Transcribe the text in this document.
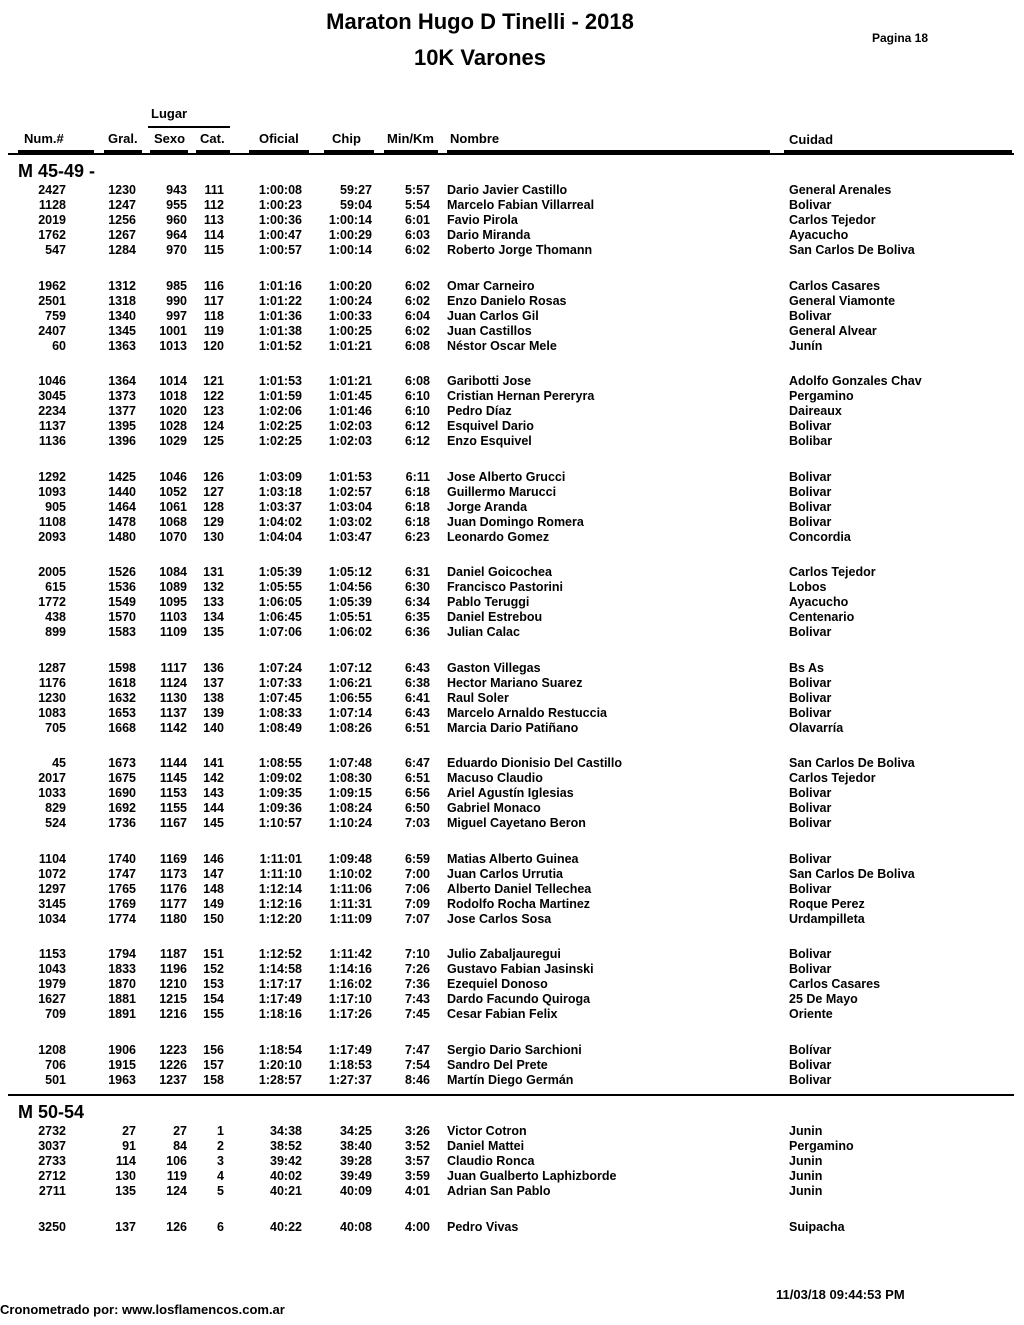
Maraton Hugo D Tinelli - 2018
10K Varones
Pagina 18
Lugar
Num.#	Gral. Sexo Cat.	Oficial	Chip Min/Km Nombre	Cuidad
M 45-49 -
2427	1230 943 111	1:00:08	59:27	5:57 Dario Javier Castillo	General Arenales
1128	1247 955 112	1:00:23	59:04	5:54 Marcelo Fabian Villarreal	Bolivar
2019	1256 960 113	1:00:36 1:00:14	6:01 Favio Pirola	Carlos Tejedor
1762	1267 964 114	1:00:47 1:00:29	6:03 Dario Miranda	Ayacucho
547	1284 970 115	1:00:57 1:00:14	6:02 Roberto Jorge Thomann	San Carlos De Boliva
1962	1312 985 116	1:01:16 1:00:20	6:02 Omar Carneiro	Carlos Casares
2501	1318 990 117	1:01:22 1:00:24	6:02 Enzo Danielo Rosas	General Viamonte
759	1340 997 118	1:01:36 1:00:33	6:04 Juan Carlos Gil	Bolivar
2407	1345 1001 119	1:01:38 1:00:25	6:02 Juan Castillos	General Alvear
60	1363 1013 120	1:01:52 1:01:21	6:08 Néstor Oscar Mele	Junín
1046	1364 1014 121	1:01:53 1:01:21	6:08 Garibotti Jose	Adolfo Gonzales Chav
3045	1373 1018 122	1:01:59 1:01:45	6:10 Cristian Hernan Pereryra	Pergamino
2234	1377 1020 123	1:02:06 1:01:46	6:10 Pedro Díaz	Daireaux
1137	1395 1028 124	1:02:25 1:02:03	6:12 Esquivel Dario	Bolivar
1136	1396 1029 125	1:02:25 1:02:03	6:12 Enzo Esquivel	Bolibar
1292	1425 1046 126	1:03:09 1:01:53	6:11 Jose Alberto Grucci	Bolivar
1093	1440 1052 127	1:03:18 1:02:57	6:18 Guillermo Marucci	Bolivar
905	1464 1061 128	1:03:37 1:03:04	6:18 Jorge Aranda	Bolivar
1108	1478 1068 129	1:04:02 1:03:02	6:18 Juan Domingo Romera	Bolivar
2093	1480 1070 130	1:04:04 1:03:47	6:23 Leonardo Gomez	Concordia
2005	1526 1084 131	1:05:39 1:05:12	6:31 Daniel Goicochea	Carlos Tejedor
615	1536 1089 132	1:05:55 1:04:56	6:30 Francisco Pastorini	Lobos
1772	1549 1095 133	1:06:05 1:05:39	6:34 Pablo Teruggi	Ayacucho
438	1570 1103 134	1:06:45 1:05:51	6:35 Daniel Estrebou	Centenario
899	1583 1109 135	1:07:06 1:06:02	6:36 Julian Calac	Bolivar
1287	1598 1117 136	1:07:24 1:07:12	6:43 Gaston Villegas	Bs As
1176	1618 1124 137	1:07:33 1:06:21	6:38 Hector Mariano Suarez	Bolivar
1230	1632 1130 138	1:07:45 1:06:55	6:41 Raul Soler	Bolivar
1083	1653 1137 139	1:08:33 1:07:14	6:43 Marcelo Arnaldo Restuccia	Bolivar
705	1668 1142 140	1:08:49 1:08:26	6:51 Marcia Dario Patiñano	Olavarría
45	1673 1144 141	1:08:55 1:07:48	6:47 Eduardo Dionisio Del Castillo	San Carlos De Boliva
2017	1675 1145 142	1:09:02 1:08:30	6:51 Macuso Claudio	Carlos Tejedor
1033	1690 1153 143	1:09:35 1:09:15	6:56 Ariel Agustín Iglesias	Bolivar
829	1692 1155 144	1:09:36 1:08:24	6:50 Gabriel Monaco	Bolivar
524	1736 1167 145	1:10:57 1:10:24	7:03 Miguel Cayetano Beron	Bolivar
1104	1740 1169 146	1:11:01 1:09:48	6:59 Matias Alberto Guinea	Bolivar
1072	1747 1173 147	1:11:10 1:10:02	7:00 Juan Carlos Urrutia	San Carlos De Boliva
1297	1765 1176 148	1:12:14 1:11:06	7:06 Alberto Daniel Tellechea	Bolivar
3145	1769 1177 149	1:12:16 1:11:31	7:09 Rodolfo Rocha Martinez	Roque Perez
1034	1774 1180 150	1:12:20 1:11:09	7:07 Jose Carlos Sosa	Urdampilleta
1153	1794 1187 151	1:12:52 1:11:42	7:10 Julio Zabaljauregui	Bolivar
1043	1833 1196 152	1:14:58 1:14:16	7:26 Gustavo Fabian Jasinski	Bolivar
1979	1870 1210 153	1:17:17 1:16:02	7:36 Ezequiel Donoso	Carlos Casares
1627	1881 1215 154	1:17:49 1:17:10	7:43 Dardo Facundo Quiroga	25 De Mayo
709	1891 1216 155	1:18:16 1:17:26	7:45 Cesar Fabian Felix	Oriente
1208	1906 1223 156	1:18:54 1:17:49	7:47 Sergio Dario Sarchioni	Bolívar
706	1915 1226 157	1:20:10 1:18:53	7:54 Sandro Del Prete	Bolivar
501	1963 1237 158	1:28:57 1:27:37	8:46 Martín Diego Germán	Bolivar
M 50-54
2732	27	27 1	34:38	34:25	3:26 Victor Cotron	Junin
3037	91	84 2	38:52	38:40	3:52 Daniel Mattei	Pergamino
2733	114 106 3	39:42	39:28	3:57 Claudio Ronca	Junin
2712	130 119 4	40:02	39:49	3:59 Juan Gualberto Laphizborde	Junin
2711	135 124 5	40:21	40:09	4:01 Adrian San Pablo	Junin
3250	137 126 6	40:22	40:08	4:00 Pedro Vivas	Suipacha
11/03/18 09:44:53 PM
Cronometrado por: www.losflamencos.com.ar
